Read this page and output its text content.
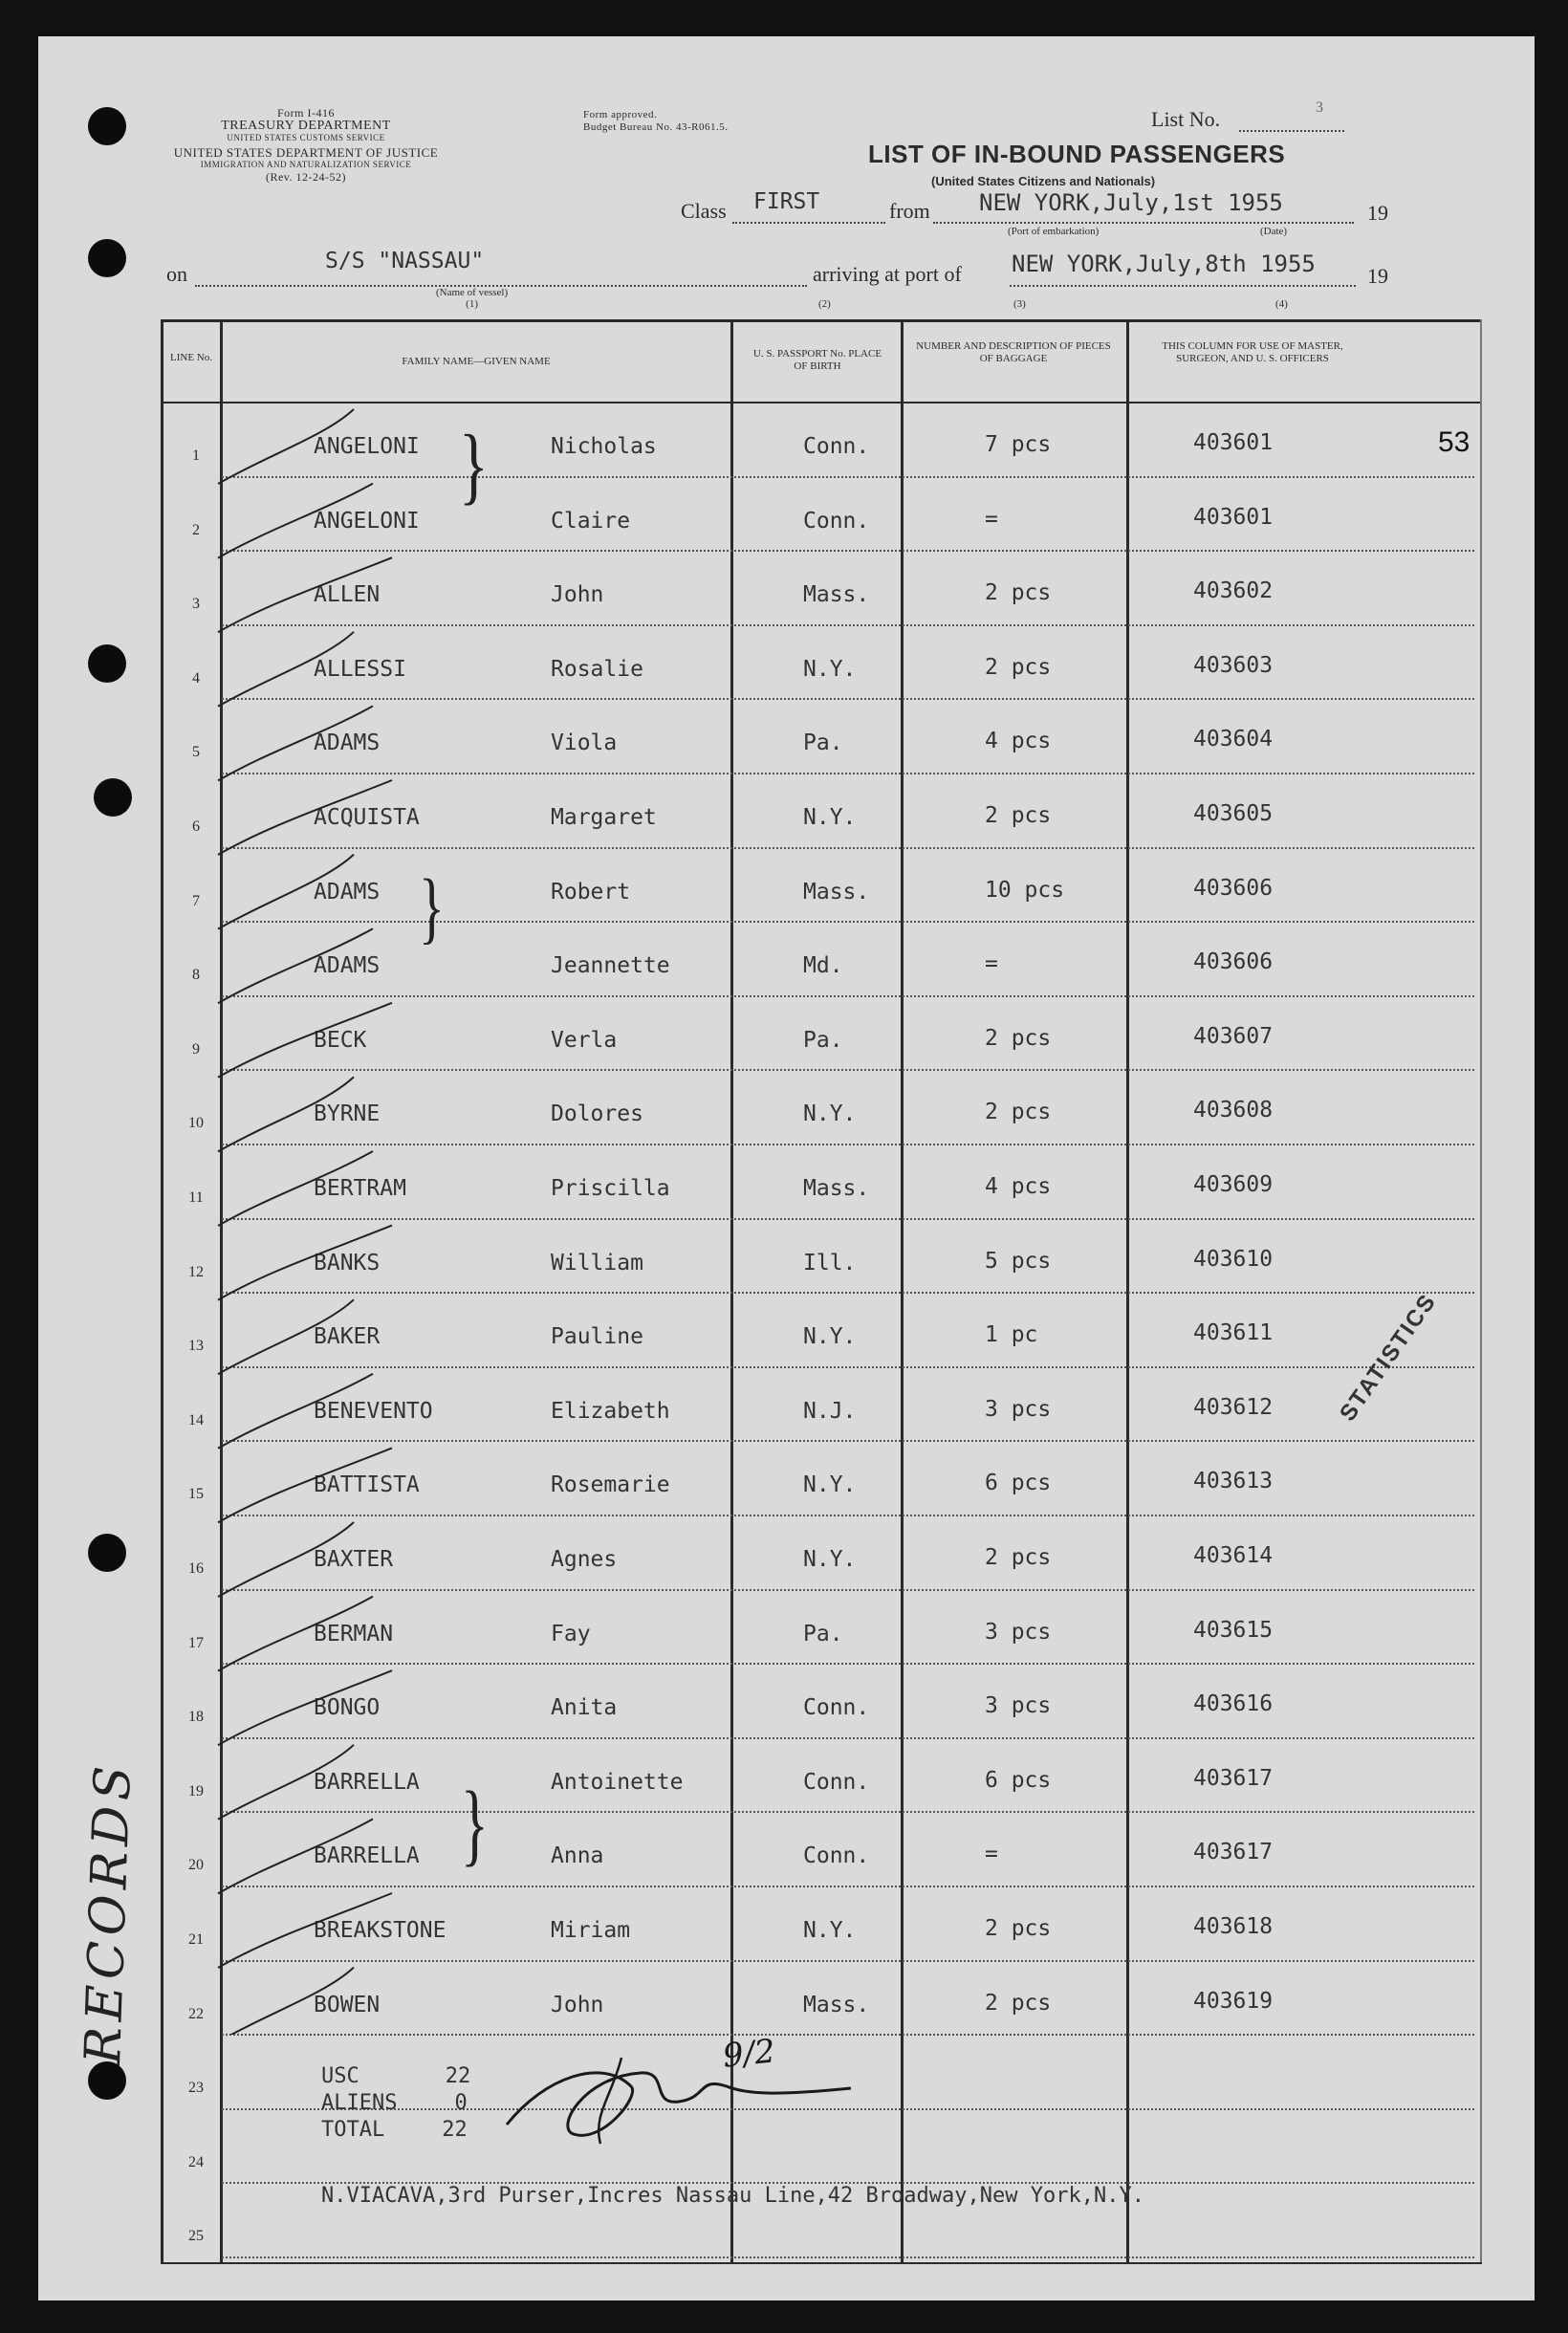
Form I-416
TREASURY DEPARTMENT
UNITED STATES CUSTOMS SERVICE
UNITED STATES DEPARTMENT OF JUSTICE
IMMIGRATION AND NATURALIZATION SERVICE
(Rev. 12-24-52)
Form approved.
Budget Bureau No. 43-R061.5.	List No.	3
LIST OF IN-BOUND PASSENGERS
(United States Citizens and Nationals)
Class FIRST	from NEW YORK,July,1st 1955	19
(Port of embarkation)	(Date)
on
S/S "NASSAU"
(Name of vessel)
(1)
arriving at port of NEW YORK,July,8th 1955 19
(2)	(3)	(4)
LINE No.	FAMILY NAME—GIVEN NAME
U. S. PASSPORT No. PLACE OF BIRTH
NUMBER AND DESCRIPTION OF PIECES OF BAGGAGE
THIS COLUMN FOR USE OF MASTER, SURGEON, AND U. S. OFFICERS
1	ANGELONI	Nicholas	Conn.	7 pcs	403601
2	ANGELONI	Claire	Conn.	=	403601
3	ALLEN	John	Mass.	2 pcs	403602
4	ALLESSI	Rosalie	N.Y.	2 pcs	403603
5	ADAMS	Viola	Pa.	4 pcs	403604
6	ACQUISTA	Margaret	N.Y.	2 pcs	403605
7	ADAMS	Robert	Mass.	10 pcs	403606
8	ADAMS	Jeannette	Md.	=	403606
9	BECK	Verla	Pa.	2 pcs	403607
10	BYRNE	Dolores	N.Y.	2 pcs	403608
11	BERTRAM	Priscilla	Mass.	4 pcs	403609
12	BANKS	William	Ill.	5 pcs	403610
13	BAKER	Pauline	N.Y.	1 pc	403611
14	BENEVENTO	Elizabeth	N.J.	3 pcs	403612
15	BATTISTA	Rosemarie	N.Y.	6 pcs	403613
16	BAXTER	Agnes	N.Y.	2 pcs	403614
17	BERMAN	Fay	Pa.	3 pcs	403615
18	BONGO	Anita	Conn.	3 pcs	403616
19	BARRELLA	Antoinette	Conn.	6 pcs	403617
20	BARRELLA	Anna	Conn.	=	403617
21	BREAKSTONE	Miriam	N.Y.	2 pcs	403618
22	BOWEN	John	Mass.	2 pcs	403619
23
24
25
53
USC	22
ALIENS	0
TOTAL	22
9/2
N.VIACAVA,3rd Purser,Incres Nassau Line,42 Broadway,New York,N.Y.
STATISTICS
RECORDS
}
}
}
